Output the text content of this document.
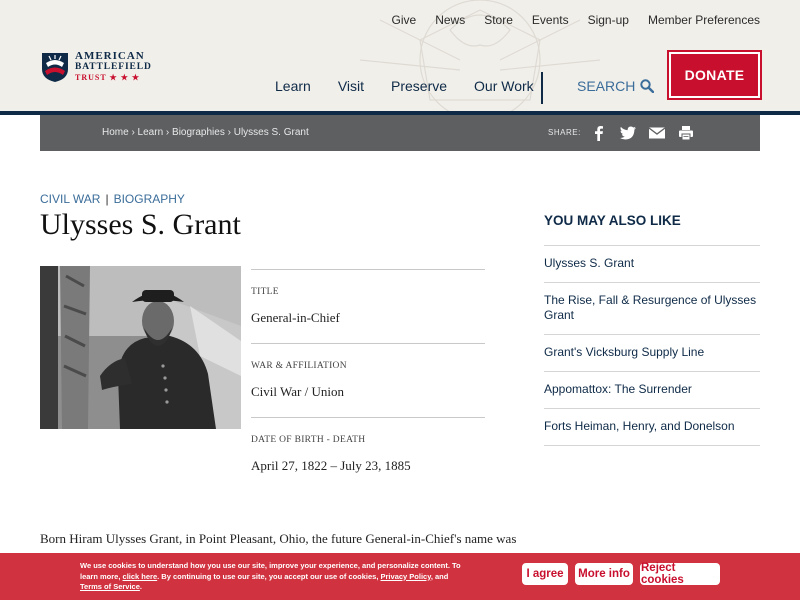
Give News Store Events Sign-up Member Preferences
AMERICAN
BATTLEFIELD
TRUST ★ ★ ★
Learn Visit Preserve Our Work	SEARCH
DONATE
Home › Learn › Biographies › Ulysses S. Grant	SHARE:
CIVIL WAR | BIOGRAPHY
Ulysses S. Grant
TITLE
General-in-Chief
WAR & AFFILIATION
Civil War / Union
DATE OF BIRTH - DEATH
April 27, 1822 – July 23, 1885

Born Hiram Ulysses Grant, in Point Pleasant, Ohio, the future General-in-Chief's name was

YOU MAY ALSO LIKE
Ulysses S. Grant
The Rise, Fall & Resurgence of Ulysses Grant
Grant's Vicksburg Supply Line
Appomattox: The Surrender
Forts Heiman, Henry, and Donelson
We use cookies to understand how you use our site, improve your experience, and personalize content. To learn more, click here. By continuing to use our site, you accept our use of cookies, Privacy Policy, and Terms of Service.
I agree	More info Reject cookies
